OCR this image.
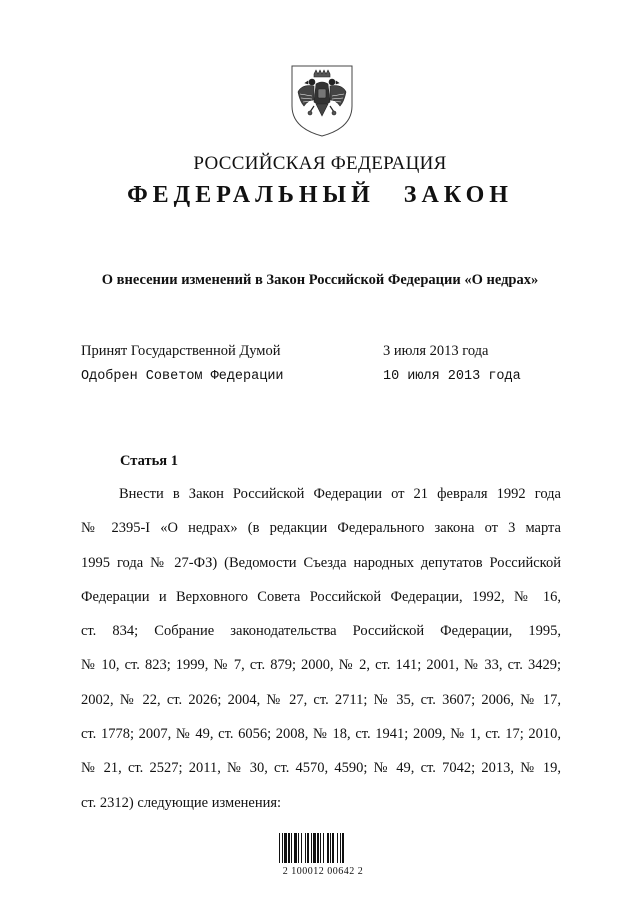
РОССИЙСКАЯ ФЕДЕРАЦИЯ
ФЕДЕРАЛЬНЫЙ ЗАКОН
О внесении изменений в Закон Российской Федерации «О недрах»
Принят Государственной Думой	3 июля 2013 года
Одобрен Советом Федерации	10 июля 2013 года
Статья 1
Внести в Закон Российской Федерации от 21 февраля 1992 года
№ 2395-I «О недрах» (в редакции Федерального закона от 3 марта
1995 года № 27-ФЗ) (Ведомости Съезда народных депутатов Российской
Федерации и Верховного Совета Российской Федерации, 1992, № 16,
ст. 834; Собрание законодательства Российской Федерации, 1995,
№ 10, ст. 823; 1999, № 7, ст. 879; 2000, № 2, ст. 141; 2001, № 33, ст. 3429;
2002, № 22, ст. 2026; 2004, № 27, ст. 2711; № 35, ст. 3607; 2006, № 17,
ст. 1778; 2007, № 49, ст. 6056; 2008, № 18, ст. 1941; 2009, № 1, ст. 17; 2010,
№ 21, ст. 2527; 2011, № 30, ст. 4570, 4590; № 49, ст. 7042; 2013, № 19,
ст. 2312) следующие изменения:
2 100012 00642 2
